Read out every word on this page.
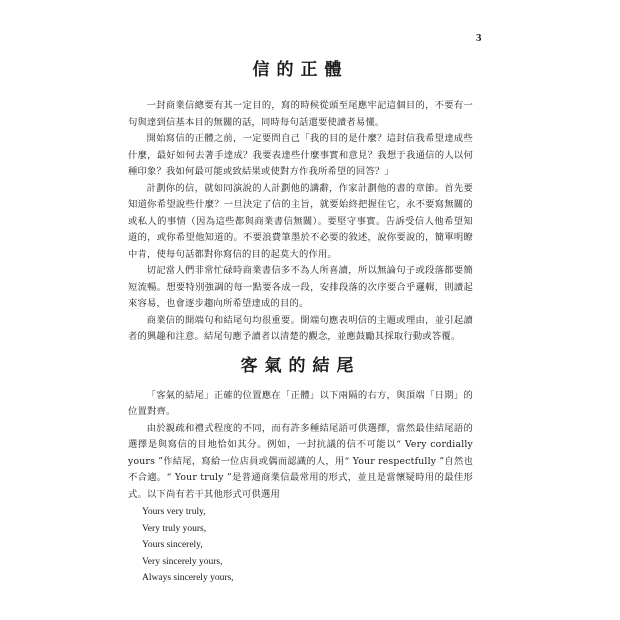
3
信的正體

一封商業信總要有其一定目的，寫的時候從頭至尾應牢記這個目的，不要有一句與達到信基本目的無關的話，同時每句話還要使讀者易懂。

開始寫信的正體之前，一定要問自己「我的目的是什麼？這封信我希望達成些什麼，最好如何去著手達成？我要表達些什麼事實和意見？我想于我通信的人以何種印象？我如何最可能或致結果或使對方作我所希望的回答？」

計劃你的信，就如同演說的人計劃他的講辭，作家計劃他的書的章節。首先要知道你希望說些什麼？一旦決定了信的主旨，就要始終把握住它，永不要寫無關的或私人的事情（因為這些都與商業書信無關）。要堅守事實。告訴受信人他希望知道的，或你希望他知道的。不要浪費筆墨於不必要的敘述，說你要說的，簡單明瞭中肯，使每句話都對你寫信的目的起莫大的作用。

切記當人們非常忙碌時商業書信多不為人所喜讀，所以無論句子或段落都要簡短流暢。想要特別強調的每一點要各成一段，安排段落的次序要合乎邏輯，則讀起來容易，也會逐步趨向所希望達成的目的。

商業信的開端句和結尾句均很重要。開端句應表明信的主題或理由，並引起讀者的興趣和注意。結尾句應予讀者以清楚的觀念，並應鼓勵其採取行動或答覆。

客氣的結尾

「客氣的結尾」正確的位置應在「正體」以下兩隔的右方，與頂端「日期」的位置對齊。

由於親疏和禮式程度的不同，而有許多種結尾語可供選擇，當然最佳結尾語的選擇是與寫信的目地恰如其分。例如，一封抗議的信不可能以“ Very cordially yours ”作結尾，寫給一位店員或偶而認識的人，用“ Your respectfully ”自然也不合適。“ Your truly ”是普通商業信最常用的形式，並且是當懷疑時用的最佳形式。以下尚有若干其他形式可供選用

Yours very truly,
Very truly yours,
Yours sincerely,
Very sincerely yours,
Always sincerely yours,
